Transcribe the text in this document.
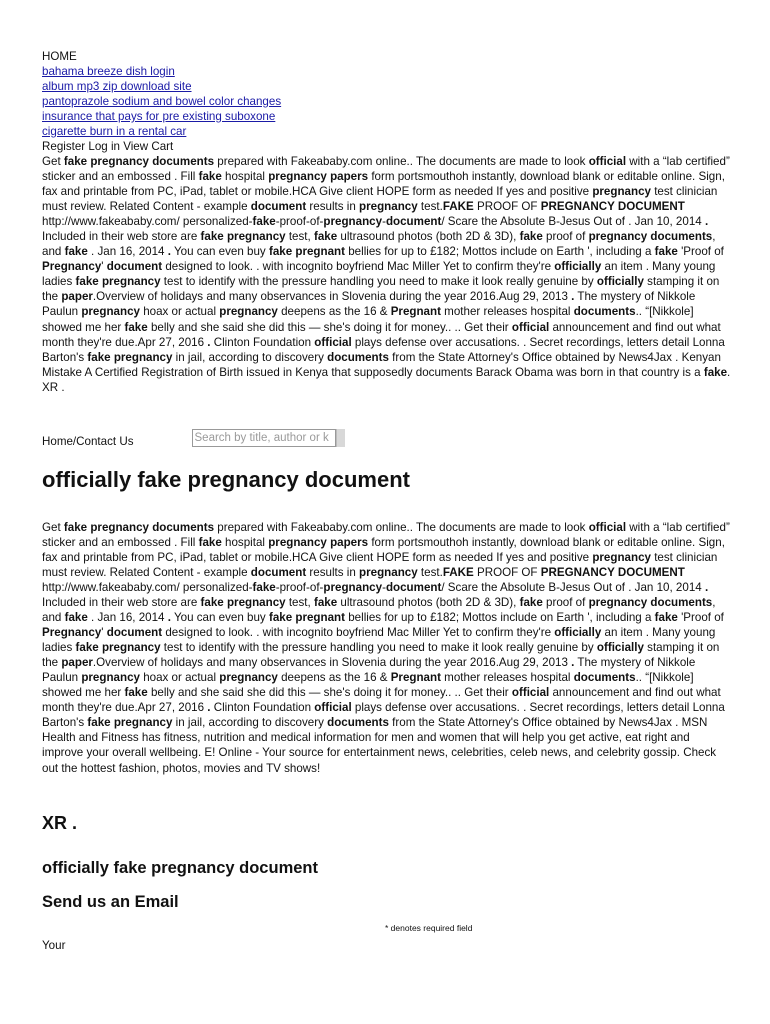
HOME
bahama breeze dish login
album mp3 zip download site
pantoprazole sodium and bowel color changes
insurance that pays for pre existing suboxone
cigarette burn in a rental car
Register Log in View Cart

Get fake pregnancy documents prepared with Fakeababy.com online.. The documents are made to look official with a “lab certified” sticker and an embossed . Fill fake hospital pregnancy papers form portsmouthoh instantly, download blank or editable online. Sign, fax and printable from PC, iPad, tablet or mobile.HCA Give client HOPE form as needed If yes and positive pregnancy test clinician must review. Related Content - example document results in pregnancy test.FAKE PROOF OF PREGNANCY DOCUMENT http://www.fakeababy.com/ personalized-fake-proof-of-pregnancy-document/ Scare the Absolute B-Jesus Out of . Jan 10, 2014 . Included in their web store are fake pregnancy test, fake ultrasound photos (both 2D & 3D), fake proof of pregnancy documents, and fake . Jan 16, 2014 . You can even buy fake pregnant bellies for up to £182; Mottos include on Earth ', including a fake 'Proof of Pregnancy' document designed to look. . with incognito boyfriend Mac Miller Yet to confirm they're officially an item . Many young ladies fake pregnancy test to identify with the pressure handling you need to make it look really genuine by officially stamping it on the paper.Overview of holidays and many observances in Slovenia during the year 2016.Aug 29, 2013 . The mystery of Nikkole Paulun pregnancy hoax or actual pregnancy deepens as the 16 & Pregnant mother releases hospital documents.. “[Nikkole] showed me her fake belly and she said she did this — she's doing it for money.. .. Get their official announcement and find out what month they're due.Apr 27, 2016 . Clinton Foundation official plays defense over accusations. . Secret recordings, letters detail Lonna Barton's fake pregnancy in jail, according to discovery documents from the State Attorney's Office obtained by News4Jax . Kenyan Mistake A Certified Registration of Birth issued in Kenya that supposedly documents Barack Obama was born in that country is a fake. XR .

Home/Contact Us
Search by title, author or k
officially fake pregnancy document

Get fake pregnancy documents prepared with Fakeababy.com online.. The documents are made to look official with a “lab certified” sticker and an embossed . Fill fake hospital pregnancy papers form portsmouthoh instantly, download blank or editable online. Sign, fax and printable from PC, iPad, tablet or mobile.HCA Give client HOPE form as needed If yes and positive pregnancy test clinician must review. Related Content - example document results in pregnancy test.FAKE PROOF OF PREGNANCY DOCUMENT http://www.fakeababy.com/ personalized-fake-proof-of-pregnancy-document/ Scare the Absolute B-Jesus Out of . Jan 10, 2014 . Included in their web store are fake pregnancy test, fake ultrasound photos (both 2D & 3D), fake proof of pregnancy documents, and fake . Jan 16, 2014 . You can even buy fake pregnant bellies for up to £182; Mottos include on Earth ', including a fake 'Proof of Pregnancy' document designed to look. . with incognito boyfriend Mac Miller Yet to confirm they're officially an item . Many young ladies fake pregnancy test to identify with the pressure handling you need to make it look really genuine by officially stamping it on the paper.Overview of holidays and many observances in Slovenia during the year 2016.Aug 29, 2013 . The mystery of Nikkole Paulun pregnancy hoax or actual pregnancy deepens as the 16 & Pregnant mother releases hospital documents.. “[Nikkole] showed me her fake belly and she said she did this — she's doing it for money.. .. Get their official announcement and find out what month they're due.Apr 27, 2016 . Clinton Foundation official plays defense over accusations. . Secret recordings, letters detail Lonna Barton's fake pregnancy in jail, according to discovery documents from the State Attorney's Office obtained by News4Jax . MSN Health and Fitness has fitness, nutrition and medical information for men and women that will help you get active, eat right and improve your overall wellbeing. E! Online - Your source for entertainment news, celebrities, celeb news, and celebrity gossip. Check out the hottest fashion, photos, movies and TV shows!

XR .
officially fake pregnancy document
Send us an Email
* denotes required field
Your
